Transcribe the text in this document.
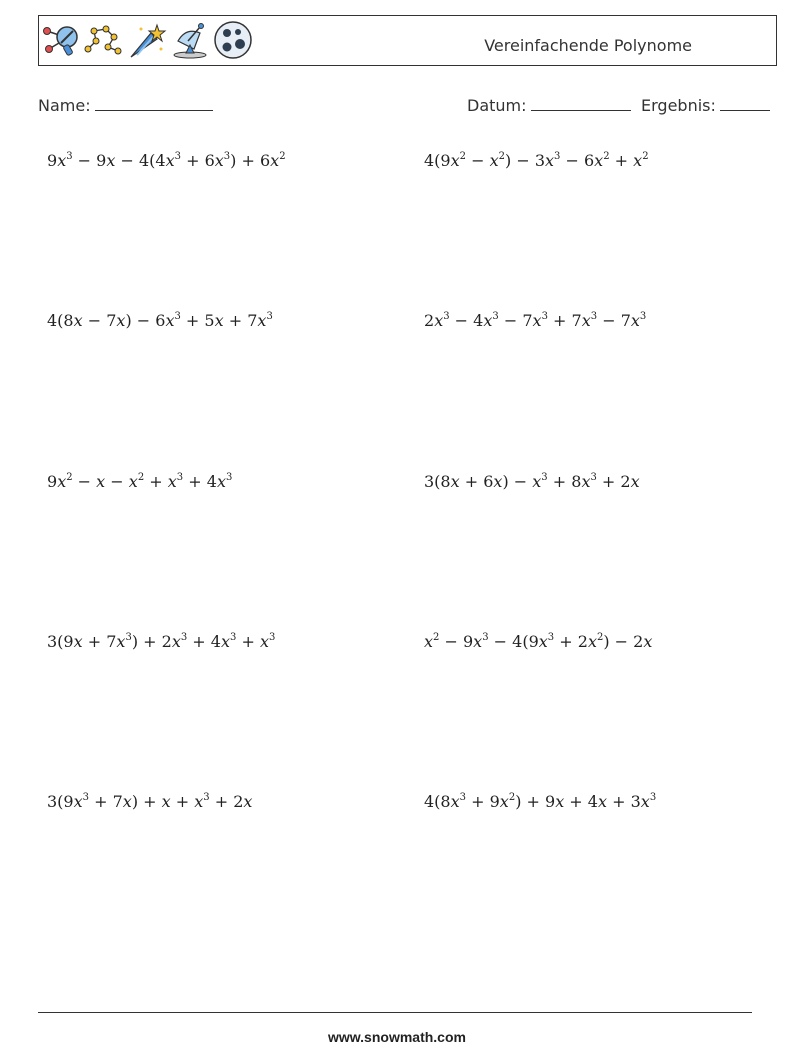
Vereinfachende Polynome
Name:	Datum:	Ergebnis:
$9x^3 - 9x - 4(4x^3 + 6x^3) + 6x^2$	$4(9x^2 - x^2) - 3x^3 - 6x^2 + x^2$
$4(8x - 7x) - 6x^3 + 5x + 7x^3$	$2x^3 - 4x^3 - 7x^3 + 7x^3 - 7x^3$
$9x^2 - x - x^2 + x^3 + 4x^3$	$3(8x + 6x) - x^3 + 8x^3 + 2x$
$3(9x + 7x^3) + 2x^3 + 4x^3 + x^3$	$x^2 - 9x^3 - 4(9x^3 + 2x^2) - 2x$
$3(9x^3 + 7x) + x + x^3 + 2x$	$4(8x^3 + 9x^2) + 9x + 4x + 3x^3$
www.snowmath.com
